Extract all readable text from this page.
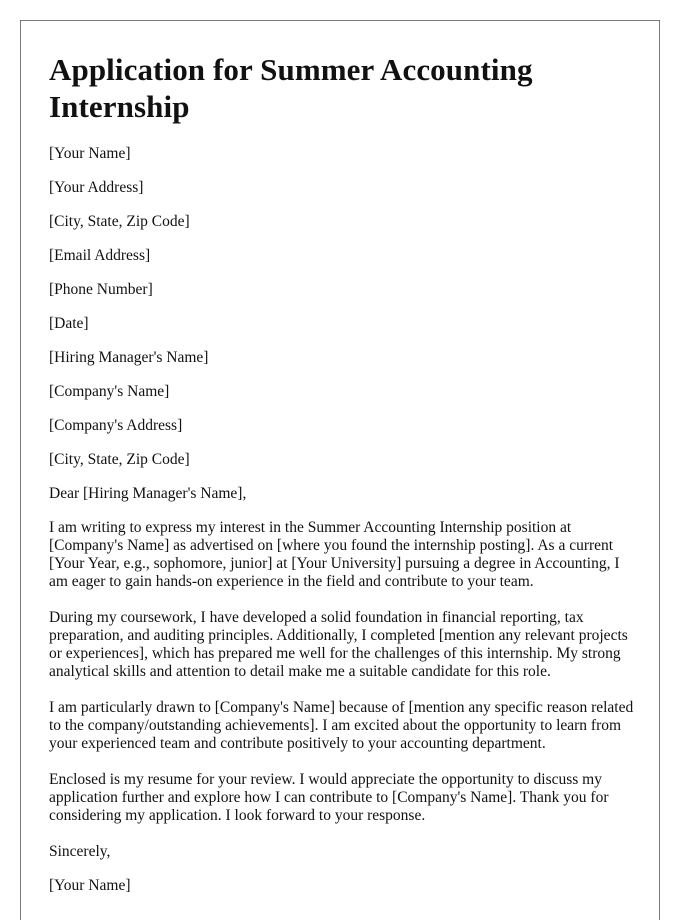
Application for Summer Accounting Internship

[Your Name]

[Your Address]

[City, State, Zip Code]

[Email Address]

[Phone Number]

[Date]

[Hiring Manager's Name]

[Company's Name]

[Company's Address]

[City, State, Zip Code]

Dear [Hiring Manager's Name],

I am writing to express my interest in the Summer Accounting Internship position at [Company's Name] as advertised on [where you found the internship posting]. As a current [Your Year, e.g., sophomore, junior] at [Your University] pursuing a degree in Accounting, I am eager to gain hands-on experience in the field and contribute to your team.

During my coursework, I have developed a solid foundation in financial reporting, tax preparation, and auditing principles. Additionally, I completed [mention any relevant projects or experiences], which has prepared me well for the challenges of this internship. My strong analytical skills and attention to detail make me a suitable candidate for this role.

I am particularly drawn to [Company's Name] because of [mention any specific reason related to the company/outstanding achievements]. I am excited about the opportunity to learn from your experienced team and contribute positively to your accounting department.

Enclosed is my resume for your review. I would appreciate the opportunity to discuss my application further and explore how I can contribute to [Company's Name]. Thank you for considering my application. I look forward to your response.

Sincerely,

[Your Name]
